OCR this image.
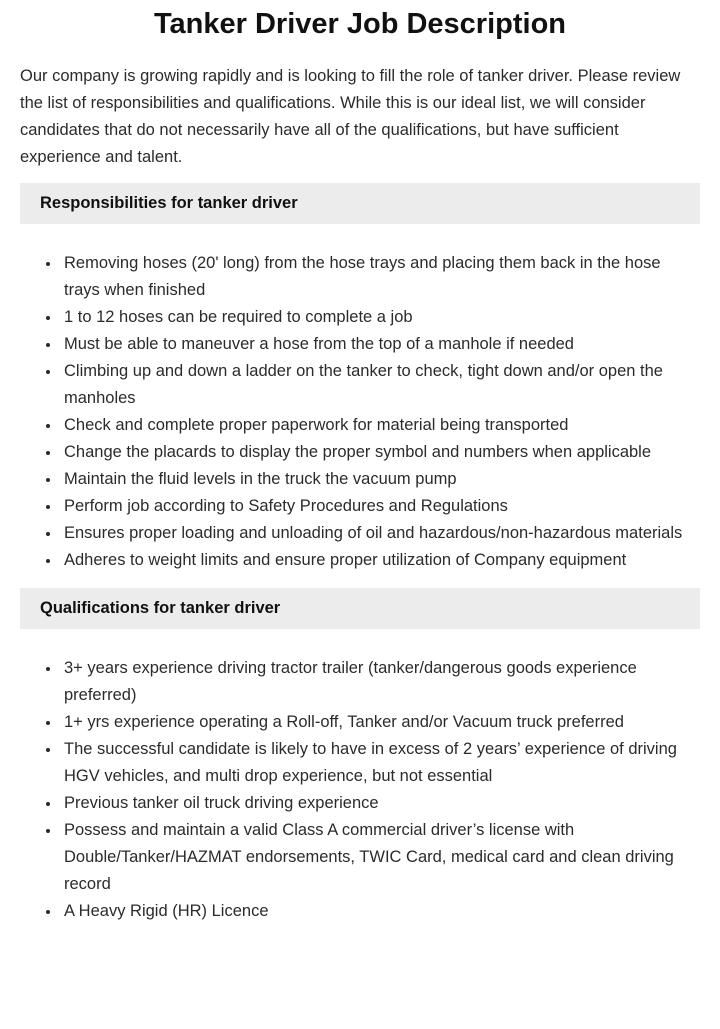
Tanker Driver Job Description

Our company is growing rapidly and is looking to fill the role of tanker driver. Please review the list of responsibilities and qualifications. While this is our ideal list, we will consider candidates that do not necessarily have all of the qualifications, but have sufficient experience and talent.

Responsibilities for tanker driver
• Removing hoses (20' long) from the hose trays and placing them back in the hose trays when finished
• 1 to 12 hoses can be required to complete a job
• Must be able to maneuver a hose from the top of a manhole if needed
• Climbing up and down a ladder on the tanker to check, tight down and/or open the manholes
• Check and complete proper paperwork for material being transported
• Change the placards to display the proper symbol and numbers when applicable
• Maintain the fluid levels in the truck the vacuum pump
• Perform job according to Safety Procedures and Regulations
• Ensures proper loading and unloading of oil and hazardous/non-hazardous materials
• Adheres to weight limits and ensure proper utilization of Company equipment
Qualifications for tanker driver
• 3+ years experience driving tractor trailer (tanker/dangerous goods experience preferred)
• 1+ yrs experience operating a Roll-off, Tanker and/or Vacuum truck preferred
• The successful candidate is likely to have in excess of 2 years’ experience of driving HGV vehicles, and multi drop experience, but not essential
• Previous tanker oil truck driving experience
• Possess and maintain a valid Class A commercial driver’s license with Double/Tanker/HAZMAT endorsements, TWIC Card, medical card and clean driving record
• A Heavy Rigid (HR) Licence
